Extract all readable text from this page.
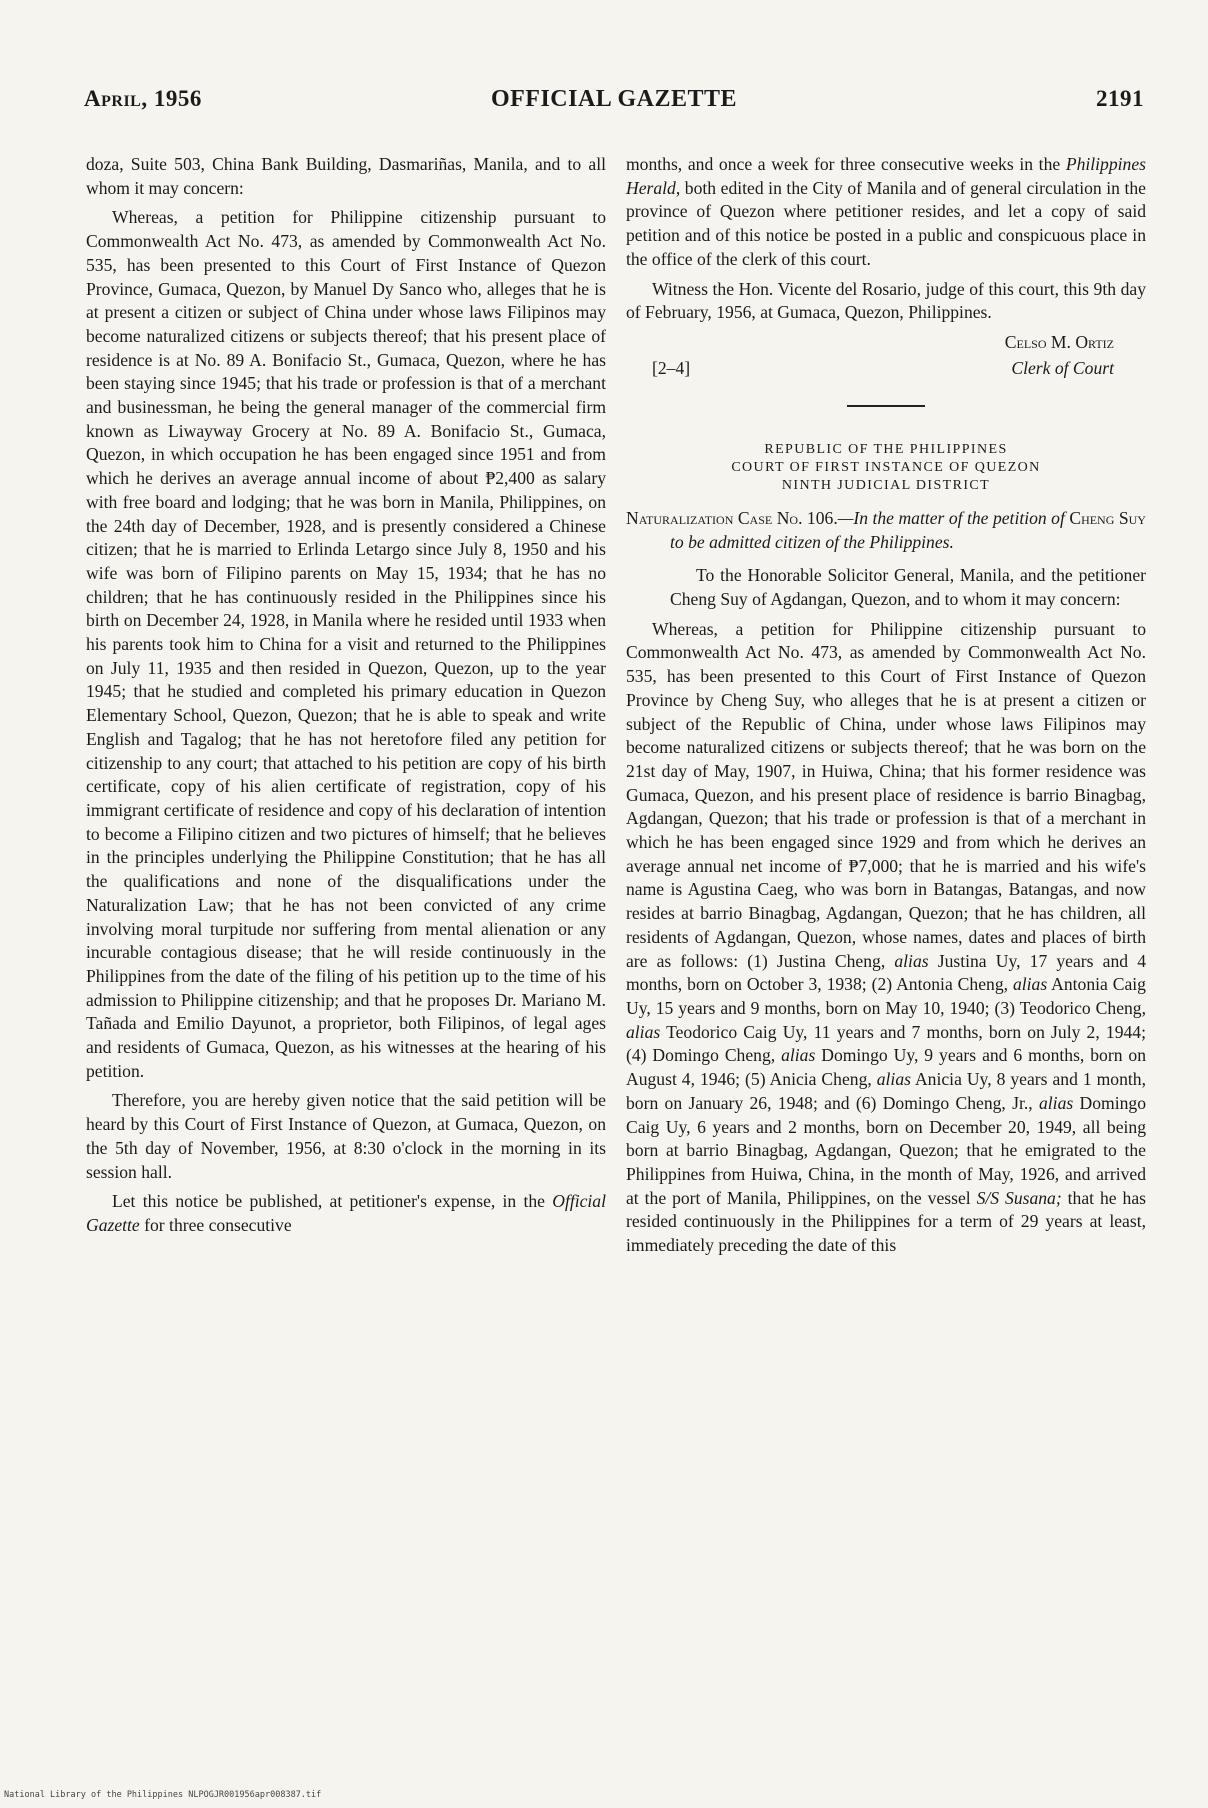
April, 1956	OFFICIAL GAZETTE	2191

doza, Suite 503, China Bank Building, Dasmariñas, Manila, and to all whom it may concern:

Whereas, a petition for Philippine citizenship pursuant to Commonwealth Act No. 473, as amended by Commonwealth Act No. 535, has been presented to this Court of First Instance of Quezon Province, Gumaca, Quezon, by Manuel Dy Sanco who, alleges that he is at present a citizen or subject of China under whose laws Filipinos may become naturalized citizens or subjects thereof; that his present place of residence is at No. 89 A. Bonifacio St., Gumaca, Quezon, where he has been staying since 1945; that his trade or profession is that of a merchant and businessman, he being the general manager of the commercial firm known as Liwayway Grocery at No. 89 A. Bonifacio St., Gumaca, Quezon, in which occupation he has been engaged since 1951 and from which he derives an average annual income of about ₱2,400 as salary with free board and lodging; that he was born in Manila, Philippines, on the 24th day of December, 1928, and is presently considered a Chinese citizen; that he is married to Erlinda Letargo since July 8, 1950 and his wife was born of Filipino parents on May 15, 1934; that he has no children; that he has continuously resided in the Philippines since his birth on December 24, 1928, in Manila where he resided until 1933 when his parents took him to China for a visit and returned to the Philippines on July 11, 1935 and then resided in Quezon, Quezon, up to the year 1945; that he studied and completed his primary education in Quezon Elementary School, Quezon, Quezon; that he is able to speak and write English and Tagalog; that he has not heretofore filed any petition for citizenship to any court; that attached to his petition are copy of his birth certificate, copy of his alien certificate of registration, copy of his immigrant certificate of residence and copy of his declaration of intention to become a Filipino citizen and two pictures of himself; that he believes in the principles underlying the Philippine Constitution; that he has all the qualifications and none of the disqualifications under the Naturalization Law; that he has not been convicted of any crime involving moral turpitude nor suffering from mental alienation or any incurable contagious disease; that he will reside continuously in the Philippines from the date of the filing of his petition up to the time of his admission to Philippine citizenship; and that he proposes Dr. Mariano M. Tañada and Emilio Dayunot, a proprietor, both Filipinos, of legal ages and residents of Gumaca, Quezon, as his witnesses at the hearing of his petition.

Therefore, you are hereby given notice that the said petition will be heard by this Court of First Instance of Quezon, at Gumaca, Quezon, on the 5th day of November, 1956, at 8:30 o'clock in the morning in its session hall.

Let this notice be published, at petitioner's expense, in the Official Gazette for three consecutive

months, and once a week for three consecutive weeks in the Philippines Herald, both edited in the City of Manila and of general circulation in the province of Quezon where petitioner resides, and let a copy of said petition and of this notice be posted in a public and conspicuous place in the office of the clerk of this court.

Witness the Hon. Vicente del Rosario, judge of this court, this 9th day of February, 1956, at Gumaca, Quezon, Philippines.

Celso M. Ortiz
[2–4]	Clerk of Court
REPUBLIC OF THE PHILIPPINES
COURT OF FIRST INSTANCE OF QUEZON
NINTH JUDICIAL DISTRICT
Naturalization Case No. 106.—In the matter of the petition of Cheng Suy to be admitted citizen of the Philippines.

To the Honorable Solicitor General, Manila, and the petitioner Cheng Suy of Agdangan, Quezon, and to whom it may concern:

Whereas, a petition for Philippine citizenship pursuant to Commonwealth Act No. 473, as amended by Commonwealth Act No. 535, has been presented to this Court of First Instance of Quezon Province by Cheng Suy, who alleges that he is at present a citizen or subject of the Republic of China, under whose laws Filipinos may become naturalized citizens or subjects thereof; that he was born on the 21st day of May, 1907, in Huiwa, China; that his former residence was Gumaca, Quezon, and his present place of residence is barrio Binagbag, Agdangan, Quezon; that his trade or profession is that of a merchant in which he has been engaged since 1929 and from which he derives an average annual net income of ₱7,000; that he is married and his wife's name is Agustina Caeg, who was born in Batangas, Batangas, and now resides at barrio Binagbag, Agdangan, Quezon; that he has children, all residents of Agdangan, Quezon, whose names, dates and places of birth are as follows: (1) Justina Cheng, alias Justina Uy, 17 years and 4 months, born on October 3, 1938; (2) Antonia Cheng, alias Antonia Caig Uy, 15 years and 9 months, born on May 10, 1940; (3) Teodorico Cheng, alias Teodorico Caig Uy, 11 years and 7 months, born on July 2, 1944; (4) Domingo Cheng, alias Domingo Uy, 9 years and 6 months, born on August 4, 1946; (5) Anicia Cheng, alias Anicia Uy, 8 years and 1 month, born on January 26, 1948; and (6) Domingo Cheng, Jr., alias Domingo Caig Uy, 6 years and 2 months, born on December 20, 1949, all being born at barrio Binagbag, Agdangan, Quezon; that he emigrated to the Philippines from Huiwa, China, in the month of May, 1926, and arrived at the port of Manila, Philippines, on the vessel S/S Susana; that he has resided continuously in the Philippines for a term of 29 years at least, immediately preceding the date of this

National Library of the Philippines NLPOGJR001956apr008387.tif
